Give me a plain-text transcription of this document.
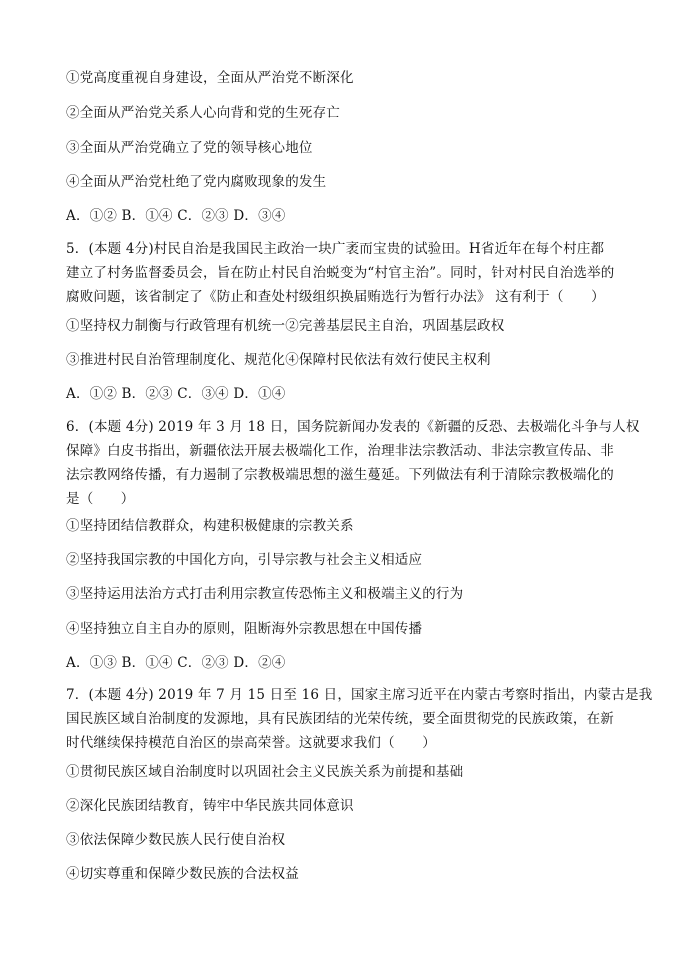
①党高度重视自身建设，全面从严治党不断深化
②全面从严治党关系人心向背和党的生死存亡
③全面从严治党确立了党的领导核心地位
④全面从严治党杜绝了党内腐败现象的发生
A．①② B．①④ C．②③ D．③④
5．(本题 4分)村民自治是我国民主政治一块广袤而宝贵的试验田。H省近年在每个村庄都
建立了村务监督委员会，旨在防止村民自治蜕变为“村官主治”。同时，针对村民自治选举的
腐败问题，该省制定了《防止和查处村级组织换届贿选行为暂行办法》 这有利于（　　）
①坚持权力制衡与行政管理有机统一②完善基层民主自治，巩固基层政权
③推进村民自治管理制度化、规范化④保障村民依法有效行使民主权利
A．①② B．②③ C．③④ D．①④
6．(本题 4分) 2019 年 3 月 18 日，国务院新闻办发表的《新疆的反恐、去极端化斗争与人权
保障》白皮书指出，新疆依法开展去极端化工作，治理非法宗教活动、非法宗教宣传品、非
法宗教网络传播，有力遏制了宗教极端思想的滋生蔓延。下列做法有利于清除宗教极端化的
是（　　）
①坚持团结信教群众，构建积极健康的宗教关系
②坚持我国宗教的中国化方向，引导宗教与社会主义相适应
③坚持运用法治方式打击利用宗教宣传恐怖主义和极端主义的行为
④坚持独立自主自办的原则，阻断海外宗教思想在中国传播
A．①③ B．①④ C．②③ D．②④
7．(本题 4分) 2019 年 7 月 15 日至 16 日，国家主席习近平在内蒙古考察时指出，内蒙古是我
国民族区域自治制度的发源地，具有民族团结的光荣传统，要全面贯彻党的民族政策，在新
时代继续保持模范自治区的崇高荣誉。这就要求我们（　　）
①贯彻民族区域自治制度时以巩固社会主义民族关系为前提和基础
②深化民族团结教育，铸牢中华民族共同体意识
③依法保障少数民族人民行使自治权
④切实尊重和保障少数民族的合法权益
